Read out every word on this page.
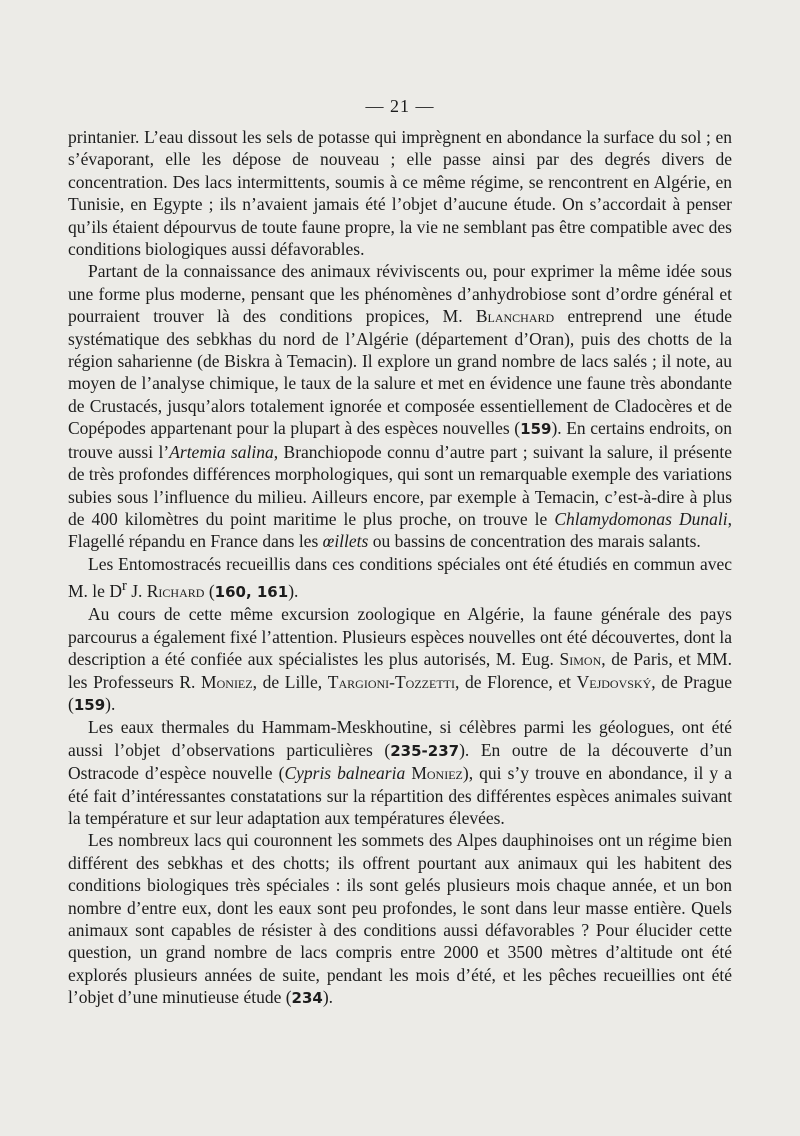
— 21 —

printanier. L’eau dissout les sels de potasse qui imprègnent en abondance la surface du sol ; en s’évaporant, elle les dépose de nouveau ; elle passe ainsi par des degrés divers de concentration. Des lacs intermittents, soumis à ce même régime, se rencontrent en Algérie, en Tunisie, en Egypte ; ils n’avaient jamais été l’objet d’aucune étude. On s’accordait à penser qu’ils étaient dépourvus de toute faune propre, la vie ne semblant pas être compatible avec des conditions biologiques aussi défavorables.

Partant de la connaissance des animaux réviviscents ou, pour exprimer la même idée sous une forme plus moderne, pensant que les phénomènes d’anhydrobiose sont d’ordre général et pourraient trouver là des conditions propices, M. Blanchard entreprend une étude systématique des sebkhas du nord de l’Algérie (département d’Oran), puis des chotts de la région saharienne (de Biskra à Temacin). Il explore un grand nombre de lacs salés ; il note, au moyen de l’analyse chimique, le taux de la salure et met en évidence une faune très abondante de Crustacés, jusqu’alors totalement ignorée et composée essentiellement de Cladocères et de Copépodes appartenant pour la plupart à des espèces nouvelles (159). En certains endroits, on trouve aussi l’Artemia salina, Branchiopode connu d’autre part ; suivant la salure, il présente de très profondes différences morphologiques, qui sont un remarquable exemple des variations subies sous l’influence du milieu. Ailleurs encore, par exemple à Temacin, c’est-à-dire à plus de 400 kilomètres du point maritime le plus proche, on trouve le Chlamydomonas Dunali, Flagellé répandu en France dans les œillets ou bassins de concentration des marais salants.

Les Entomostracés recueillis dans ces conditions spéciales ont été étudiés en commun avec M. le $D^r$ J. Richard (160, 161).

Au cours de cette même excursion zoologique en Algérie, la faune générale des pays parcourus a également fixé l’attention. Plusieurs espèces nouvelles ont été découvertes, dont la description a été confiée aux spécialistes les plus autorisés, M. Eug. Simon, de Paris, et MM. les Professeurs R. Moniez, de Lille, Targioni-Tozzetti, de Florence, et Vejdovský, de Prague (159).

Les eaux thermales du Hammam-Meskhoutine, si célèbres parmi les géologues, ont été aussi l’objet d’observations particulières (235-237). En outre de la découverte d’un Ostracode d’espèce nouvelle (Cypris balnearia Moniez), qui s’y trouve en abondance, il y a été fait d’intéressantes constatations sur la répartition des différentes espèces animales suivant la température et sur leur adaptation aux températures élevées.

Les nombreux lacs qui couronnent les sommets des Alpes dauphinoises ont un régime bien différent des sebkhas et des chotts; ils offrent pourtant aux animaux qui les habitent des conditions biologiques très spéciales : ils sont gelés plusieurs mois chaque année, et un bon nombre d’entre eux, dont les eaux sont peu profondes, le sont dans leur masse entière. Quels animaux sont capables de résister à des conditions aussi défavorables ? Pour élucider cette question, un grand nombre de lacs compris entre 2000 et 3500 mètres d’altitude ont été explorés plusieurs années de suite, pendant les mois d’été, et les pêches recueillies ont été l’objet d’une minutieuse étude (234).
